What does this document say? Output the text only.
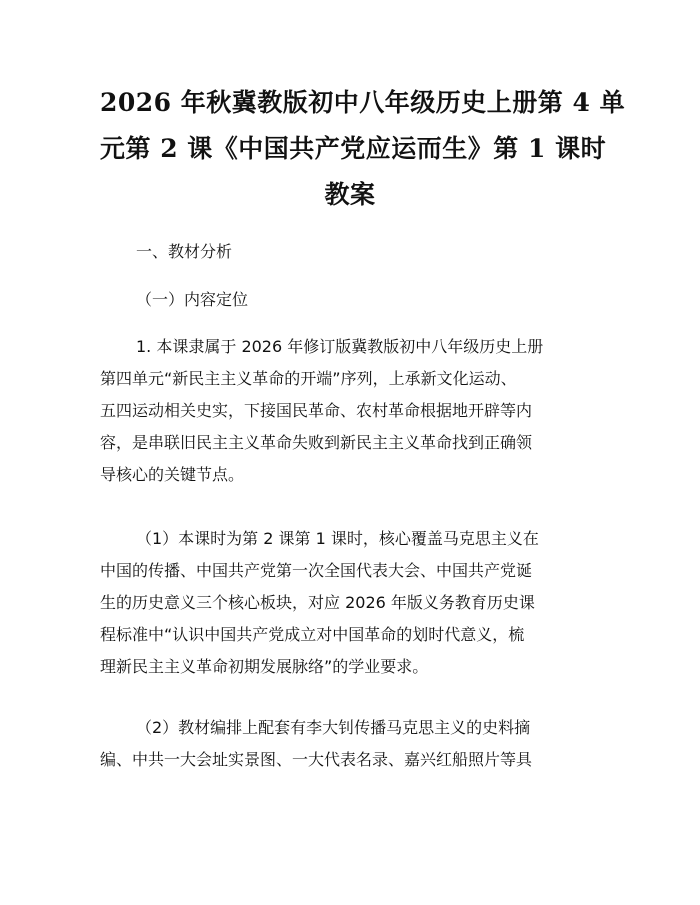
2026 年秋冀教版初中八年级历史上册第 4 单
元第 2 课《中国共产党应运而生》第 1 课时
教案

一、教材分析

（一）内容定位

1. 本课隶属于 2026 年修订版冀教版初中八年级历史上册
第四单元“新民主主义革命的开端”序列，上承新文化运动、
五四运动相关史实，下接国民革命、农村革命根据地开辟等内
容，是串联旧民主主义革命失败到新民主主义革命找到正确领
导核心的关键节点。
（1）本课时为第 2 课第 1 课时，核心覆盖马克思主义在
中国的传播、中国共产党第一次全国代表大会、中国共产党诞
生的历史意义三个核心板块，对应 2026 年版义务教育历史课
程标准中“认识中国共产党成立对中国革命的划时代意义，梳
理新民主主义革命初期发展脉络”的学业要求。
（2）教材编排上配套有李大钊传播马克思主义的史料摘
编、中共一大会址实景图、一大代表名录、嘉兴红船照片等具
